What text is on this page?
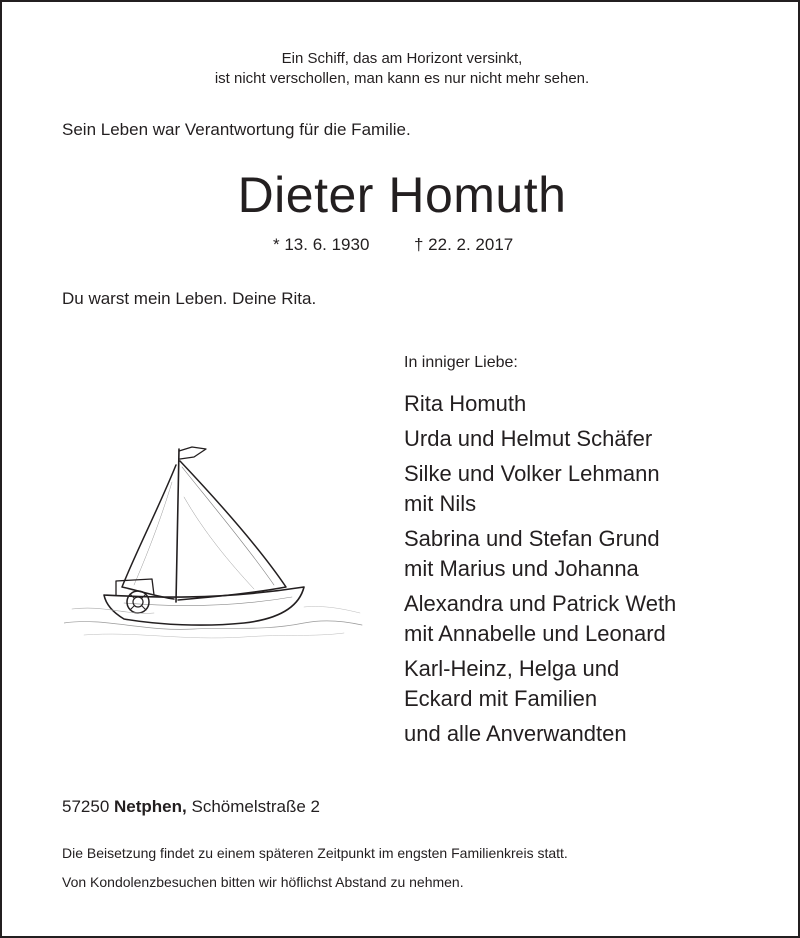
Ein Schiff, das am Horizont versinkt,
ist nicht verschollen, man kann es nur nicht mehr sehen.
Sein Leben war Verantwortung für die Familie.
Dieter Homuth
* 13. 6. 1930	† 22. 2. 2017
Du warst mein Leben. Deine Rita.
In inniger Liebe:
Rita Homuth
Urda und Helmut Schäfer
Silke und Volker Lehmann
mit Nils
Sabrina und Stefan Grund
mit Marius und Johanna
Alexandra und Patrick Weth
mit Annabelle und Leonard
Karl-Heinz, Helga und
Eckard mit Familien
und alle Anverwandten
57250 Netphen, Schömelstraße 2
Die Beisetzung findet zu einem späteren Zeitpunkt im engsten Familienkreis statt.
Von Kondolenzbesuchen bitten wir höflichst Abstand zu nehmen.
